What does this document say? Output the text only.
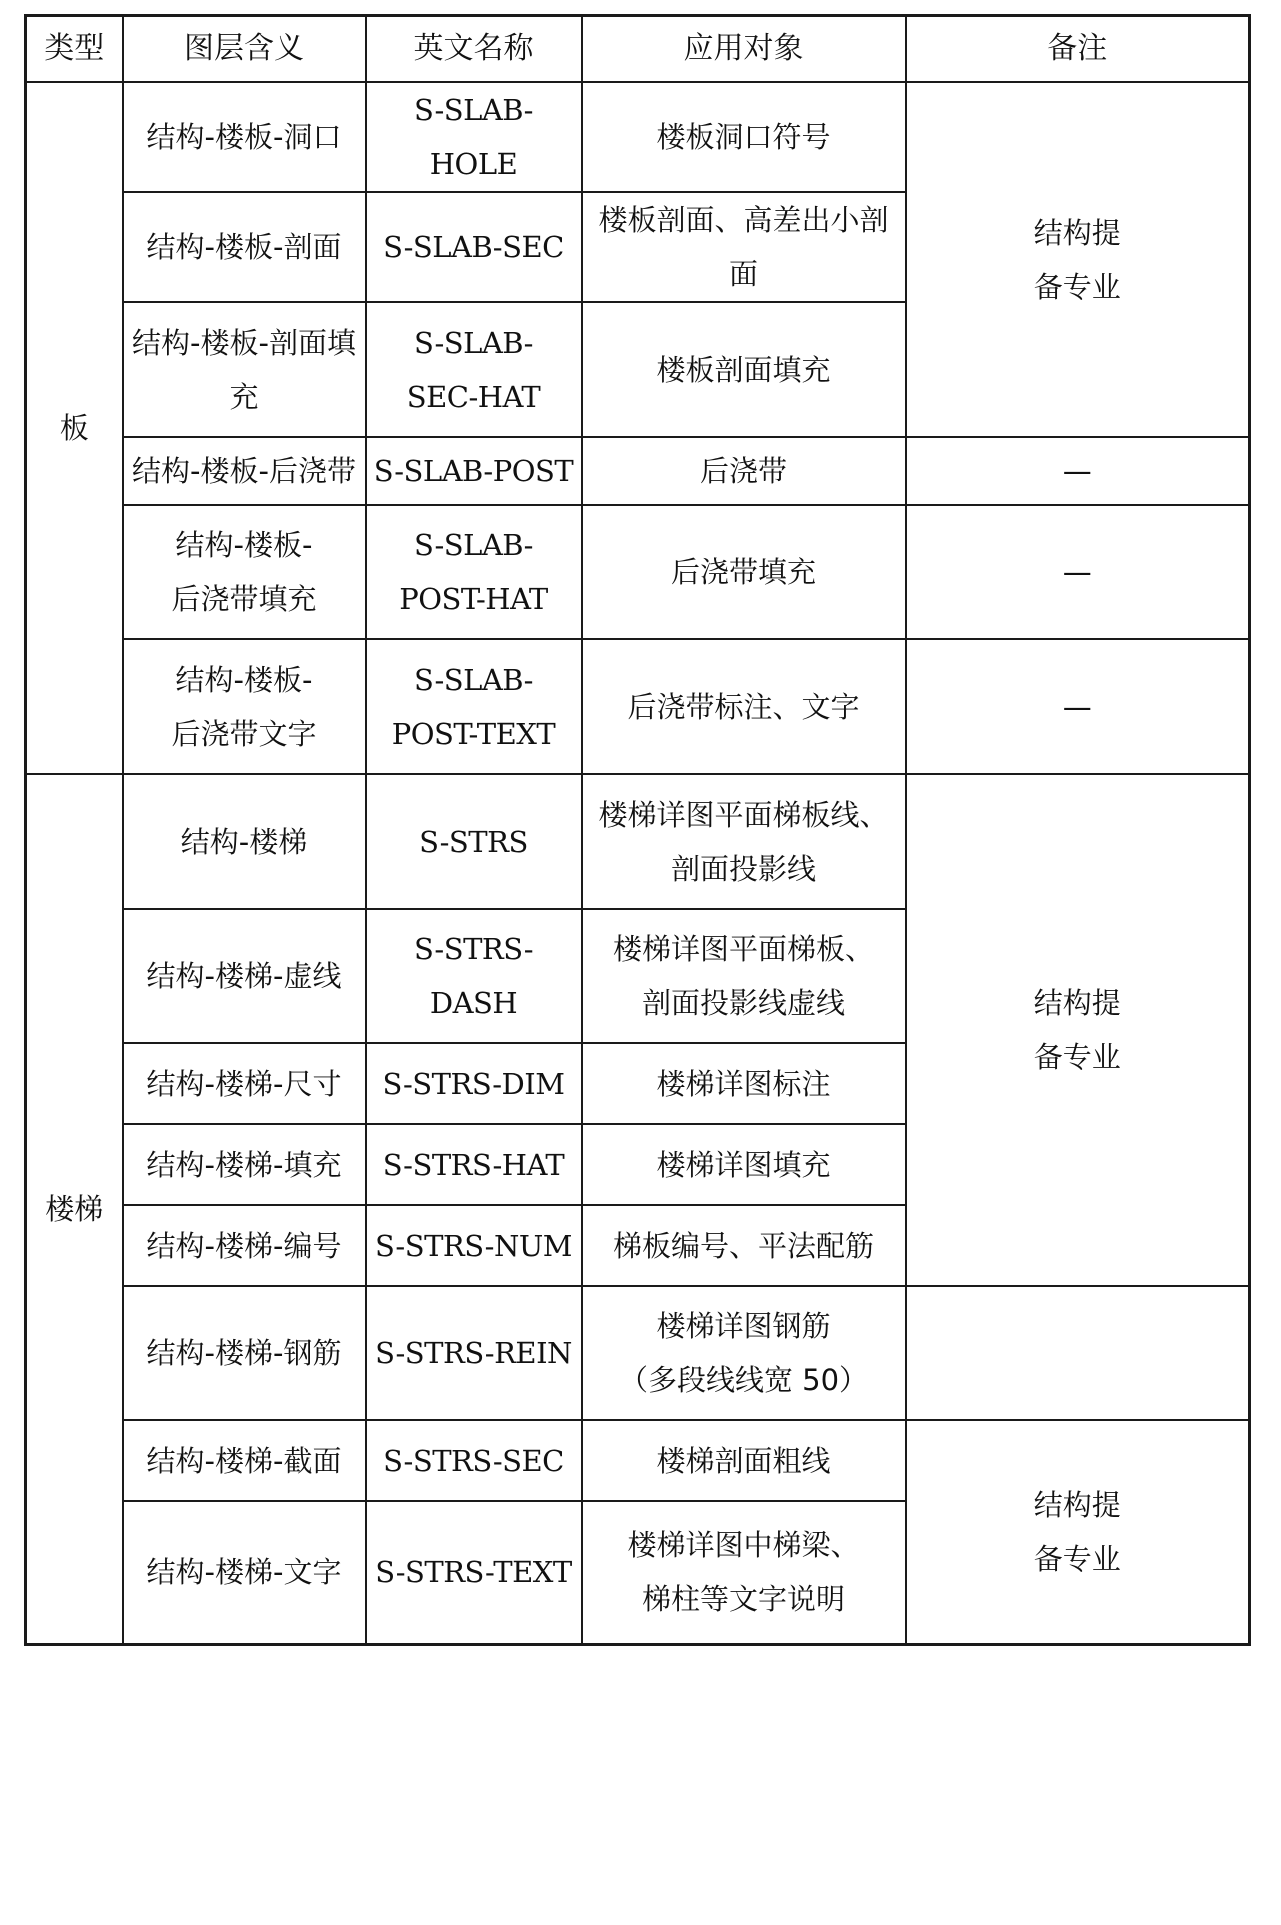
类型	图层含义	英文名称	应用对象	备注
板	结构-楼板-洞口	S-SLAB-HOLE	楼板洞口符号	结构提
备专业

	结构-楼板-剖面	S-SLAB-SEC	楼板剖面、高差出小剖面	

	结构-楼板-剖面填充	S-SLAB-
SEC-HAT	楼板剖面填充	

	结构-楼板-后浇带	S-SLAB-POST	后浇带	—

	结构-楼板-
后浇带填充	S-SLAB-
POST-HAT	后浇带填充	—

	结构-楼板-
后浇带文字	S-SLAB-
POST-TEXT	后浇带标注、文字	—

楼梯	结构-楼梯	S-STRS	楼梯详图平面梯板线、
剖面投影线	结构提
备专业

	结构-楼梯-虚线	S-STRS-DASH	楼梯详图平面梯板、
剖面投影线虚线	

	结构-楼梯-尺寸	S-STRS-DIM	楼梯详图标注	

	结构-楼梯-填充	S-STRS-HAT	楼梯详图填充	

	结构-楼梯-编号	S-STRS-NUM	梯板编号、平法配筋	

	结构-楼梯-钢筋	S-STRS-REIN	楼梯详图钢筋
（多段线线宽 50）	

	结构-楼梯-截面	S-STRS-SEC	楼梯剖面粗线	结构提
备专业

	结构-楼梯-文字	S-STRS-TEXT	楼梯详图中梯梁、
梯柱等文字说明	
